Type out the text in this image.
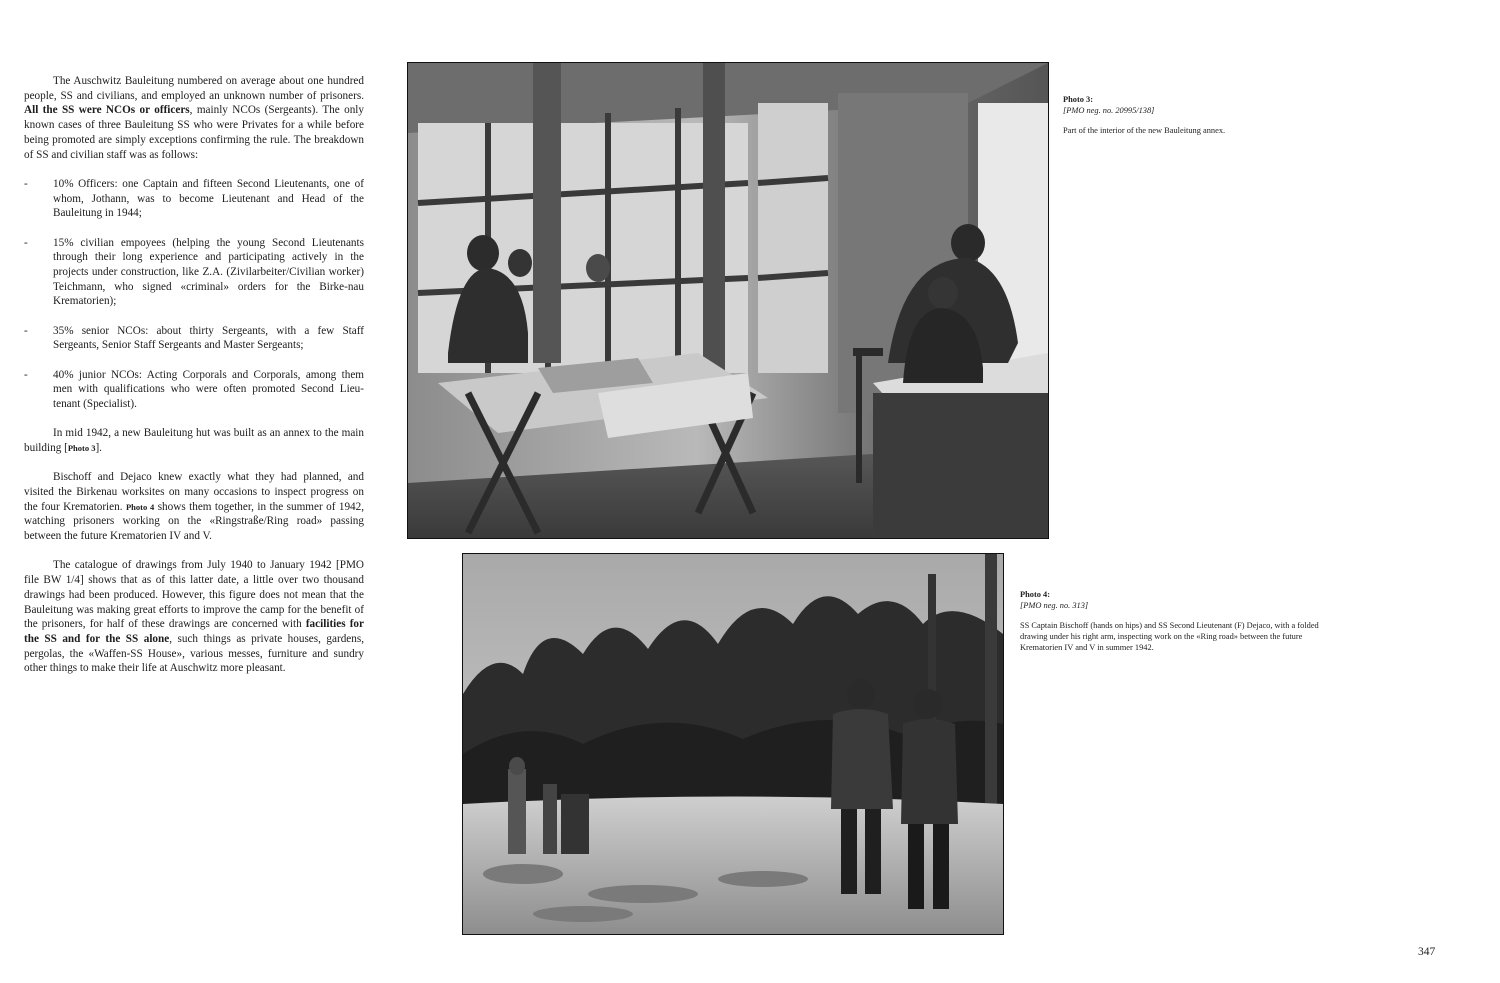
The Auschwitz Bauleitung numbered on average about one hundred people, SS and civilians, and employed an unknown number of prisoners. All the SS were NCOs or officers, mainly NCOs (Sergeants). The only known cases of three Bauleitung SS who were Privates for a while before being promoted are simply exceptions confirming the rule. The breakdown of SS and civilian staff was as follows:

- 10% Officers: one Captain and fifteen Second Lieutenants, one of whom, Jothann, was to become Lieutenant and Head of the Bauleitung in 1944;
- 15% civilian empoyees (helping the young Second Lieutenants through their long experience and participating actively in the projects under construction, like Z.A. (Zivilarbeiter/Civilian worker) Teichmann, who signed «criminal» orders for the Birke-nau Krematorien);
- 35% senior NCOs: about thirty Sergeants, with a few Staff Sergeants, Senior Staff Sergeants and Master Sergeants;
- 40% junior NCOs: Acting Corporals and Corporals, among them men with qualifications who were often promoted Second Lieu-tenant (Specialist).

In mid 1942, a new Bauleitung hut was built as an annex to the main building [Photo 3].

Bischoff and Dejaco knew exactly what they had planned, and visited the Birkenau worksites on many occasions to inspect progress on the four Krematorien. Photo 4 shows them together, in the summer of 1942, watching prisoners working on the «Ringstraße/Ring road» passing between the future Krematorien IV and V.

The catalogue of drawings from July 1940 to January 1942 [PMO file BW 1/4] shows that as of this latter date, a little over two thousand drawings had been produced. However, this figure does not mean that the Bauleitung was making great efforts to improve the camp for the benefit of the prisoners, for half of these drawings are concerned with facilities for the SS and for the SS alone, such things as private houses, gardens, pergolas, the «Waffen-SS House», various messes, furniture and sundry other things to make their life at Auschwitz more pleasant.

Photo 3:
[PMO neg. no. 20995/138]
Part of the interior of the new Bauleitung annex.
Photo 4:
[PMO neg. no. 313]
SS Captain Bischoff (hands on hips) and SS Second Lieutenant (F) Dejaco, with a folded drawing under his right arm, inspecting work on the «Ring road» between the future Krematorien IV and V in summer 1942.
347
